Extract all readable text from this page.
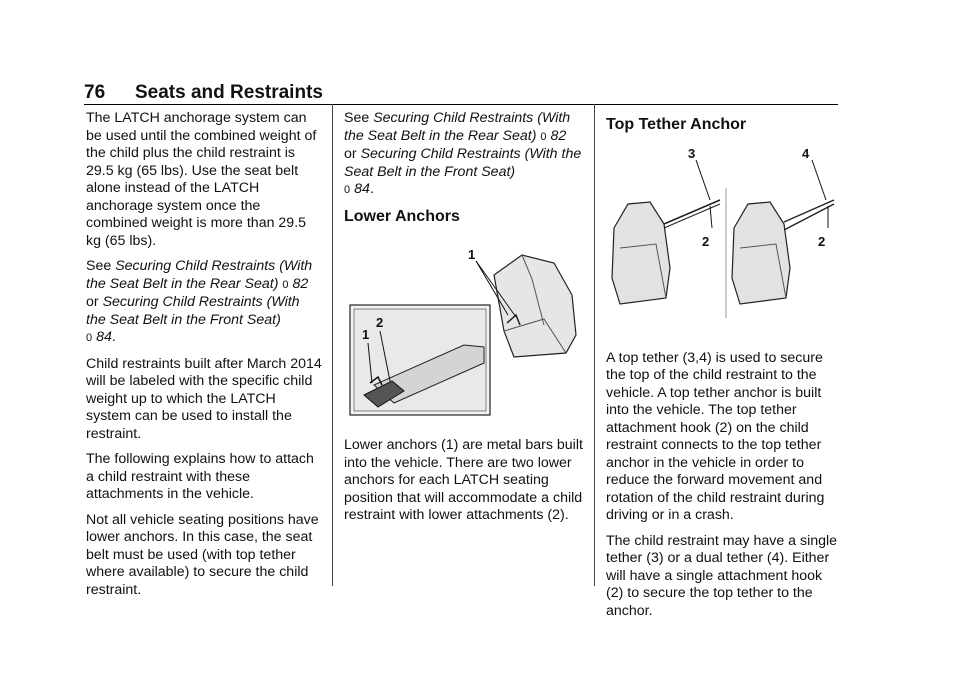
76 Seats and Restraints

The LATCH anchorage system can be used until the combined weight of the child plus the child restraint is 29.5 kg (65 lbs). Use the seat belt alone instead of the LATCH anchorage system once the combined weight is more than 29.5 kg (65 lbs).

See Securing Child Restraints (With the Seat Belt in the Rear Seat) 0 82
or Securing Child Restraints (With the Seat Belt in the Front Seat)
0 84.

Child restraints built after March 2014 will be labeled with the specific child weight up to which the LATCH system can be used to install the restraint.

The following explains how to attach a child restraint with these attachments in the vehicle.

Not all vehicle seating positions have lower anchors. In this case, the seat belt must be used (with top tether where available) to secure the child restraint.

See Securing Child Restraints (With the Seat Belt in the Rear Seat) 0 82
or Securing Child Restraints (With the Seat Belt in the Front Seat)
0 84.

Lower Anchors
1
1
2

Lower anchors (1) are metal bars built into the vehicle. There are two lower anchors for each LATCH seating position that will accommodate a child restraint with lower attachments (2).

Top Tether Anchor
3	4
2	2

A top tether (3,4) is used to secure the top of the child restraint to the vehicle. A top tether anchor is built into the vehicle. The top tether attachment hook (2) on the child restraint connects to the top tether anchor in the vehicle in order to reduce the forward movement and rotation of the child restraint during driving or in a crash.

The child restraint may have a single tether (3) or a dual tether (4). Either will have a single attachment hook (2) to secure the top tether to the anchor.
